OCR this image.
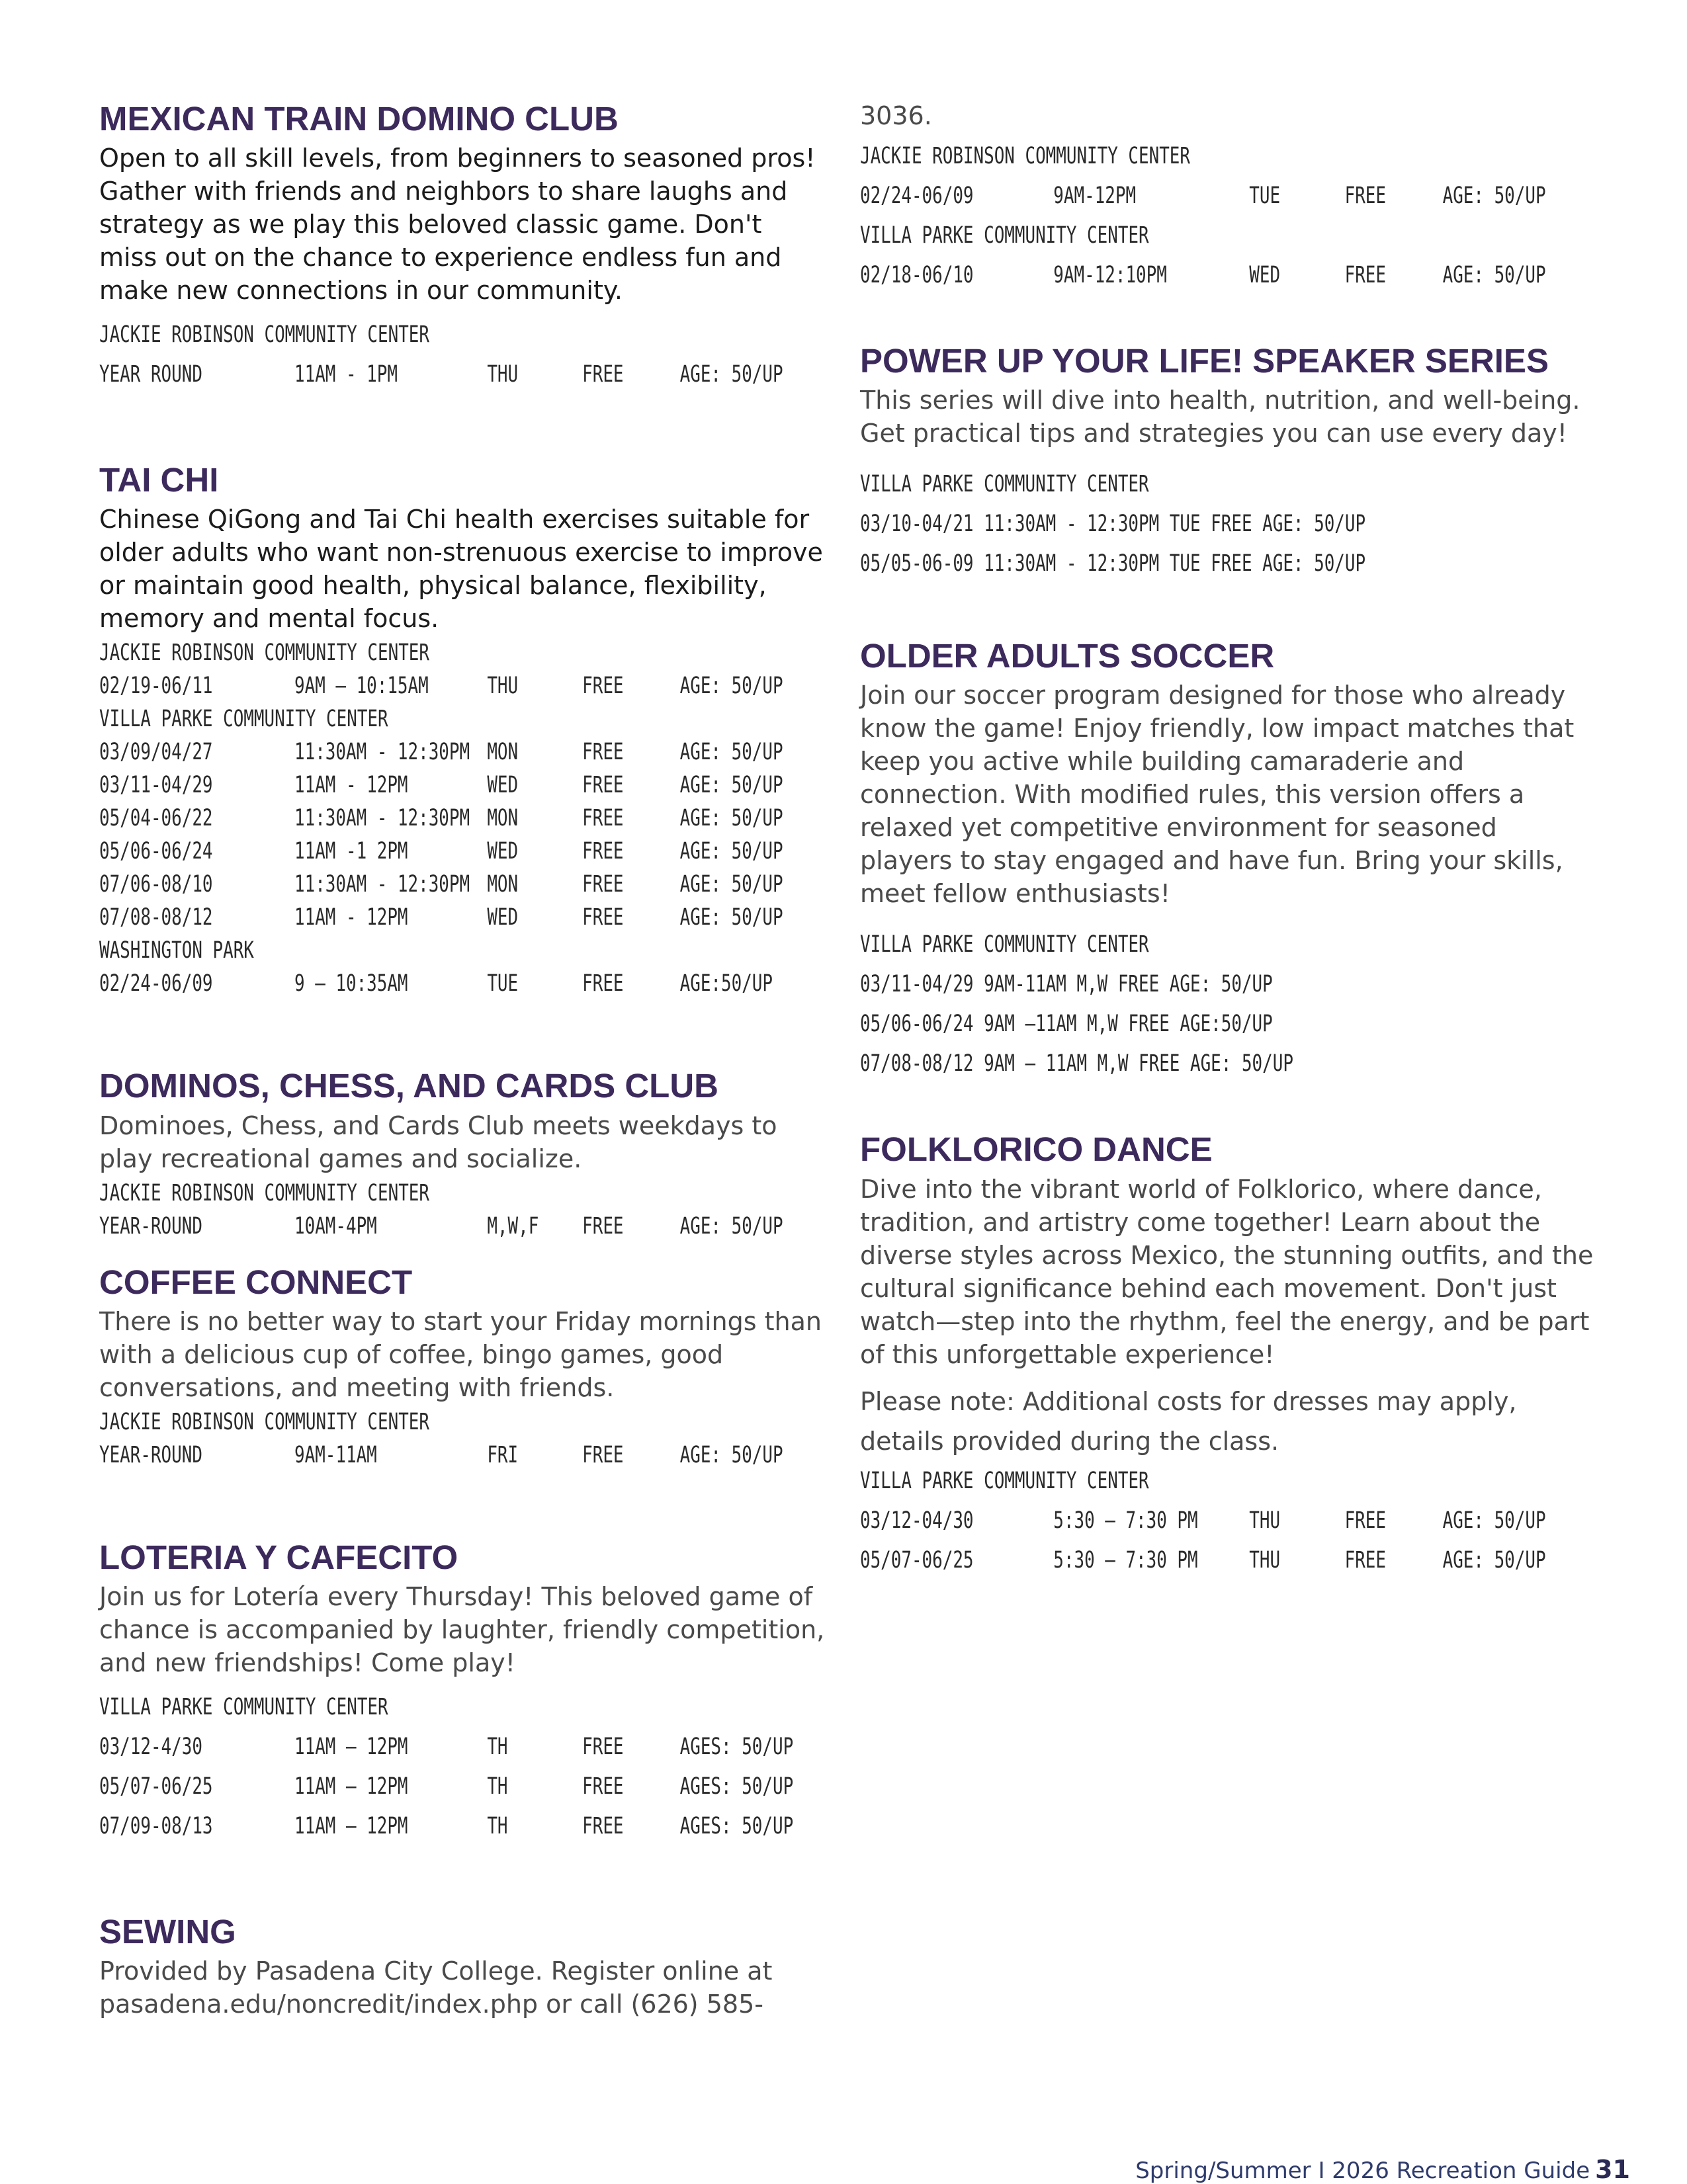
MEXICAN TRAIN DOMINO CLUB

Open to all skill levels, from beginners to seasoned pros! Gather with friends and neighbors to share laughs and strategy as we play this beloved classic game. Don't miss out on the chance to experience endless fun and make new connections in our community.

JACKIE ROBINSON COMMUNITY CENTER
YEAR ROUND	11AM - 1PM	THU	FREE	AGE: 50/UP
TAI CHI

Chinese QiGong and Tai Chi health exercises suitable for older adults who want non-strenuous exercise to improve or maintain good health, physical balance, flexibility, memory and mental focus.

JACKIE ROBINSON COMMUNITY CENTER
02/19-06/11	9AM – 10:15AM	THU	FREE	AGE: 50/UP
VILLA PARKE COMMUNITY CENTER
03/09/04/27	11:30AM - 12:30PM MON	FREE	AGE: 50/UP
03/11-04/29	11AM - 12PM	WED	FREE	AGE: 50/UP
05/04-06/22	11:30AM - 12:30PM MON	FREE	AGE: 50/UP
05/06-06/24	11AM -1 2PM	WED	FREE	AGE: 50/UP
07/06-08/10	11:30AM - 12:30PM MON	FREE	AGE: 50/UP
07/08-08/12	11AM - 12PM	WED	FREE	AGE: 50/UP
WASHINGTON PARK
02/24-06/09	9 – 10:35AM	TUE	FREE	AGE:50/UP
DOMINOS, CHESS, AND CARDS CLUB

Dominoes, Chess, and Cards Club meets weekdays to play recreational games and socialize.

JACKIE ROBINSON COMMUNITY CENTER
YEAR-ROUND	10AM-4PM	M,W,F	FREE	AGE: 50/UP
COFFEE CONNECT

There is no better way to start your Friday mornings than with a delicious cup of coffee, bingo games, good conversations, and meeting with friends.

JACKIE ROBINSON COMMUNITY CENTER
YEAR-ROUND	9AM-11AM	FRI	FREE	AGE: 50/UP
LOTERIA Y CAFECITO

Join us for Lotería every Thursday! This beloved game of chance is accompanied by laughter, friendly competition, and new friendships! Come play!

VILLA PARKE COMMUNITY CENTER
03/12-4/30	11AM – 12PM	TH	FREE	AGES: 50/UP
05/07-06/25	11AM – 12PM	TH	FREE	AGES: 50/UP
07/09-08/13	11AM – 12PM	TH	FREE	AGES: 50/UP
SEWING

Provided by Pasadena City College. Register online at pasadena.edu/noncredit/index.php or call (626) 585-

3036.

JACKIE ROBINSON COMMUNITY CENTER
02/24-06/09	9AM-12PM	TUE	FREE	AGE: 50/UP
VILLA PARKE COMMUNITY CENTER
02/18-06/10	9AM-12:10PM	WED	FREE	AGE: 50/UP
POWER UP YOUR LIFE! SPEAKER SERIES

This series will dive into health, nutrition, and well-being. Get practical tips and strategies you can use every day!

VILLA PARKE COMMUNITY CENTER
03/10-04/21 11:30AM - 12:30PM TUE FREE AGE: 50/UP
05/05-06-09 11:30AM - 12:30PM TUE FREE AGE: 50/UP
OLDER ADULTS SOCCER

Join our soccer program designed for those who already know the game! Enjoy friendly, low impact matches that keep you active while building camaraderie and connection. With modified rules, this version offers a relaxed yet competitive environment for seasoned players to stay engaged and have fun. Bring your skills, meet fellow enthusiasts!

VILLA PARKE COMMUNITY CENTER
03/11-04/29 9AM-11AM M,W FREE AGE: 50/UP
05/06-06/24 9AM –11AM M,W FREE AGE:50/UP
07/08-08/12 9AM – 11AM M,W FREE AGE: 50/UP
FOLKLORICO DANCE

Dive into the vibrant world of Folklorico, where dance, tradition, and artistry come together! Learn about the diverse styles across Mexico, the stunning outfits, and the cultural significance behind each movement. Don't just watch—step into the rhythm, feel the energy, and be part of this unforgettable experience!

Please note: Additional costs for dresses may apply, details provided during the class.

VILLA PARKE COMMUNITY CENTER
03/12-04/30	5:30 – 7:30 PM	THU	FREE	AGE: 50/UP
05/07-06/25	5:30 – 7:30 PM	THU	FREE	AGE: 50/UP
Spring/Summer I 2026 Recreation Guide 31
